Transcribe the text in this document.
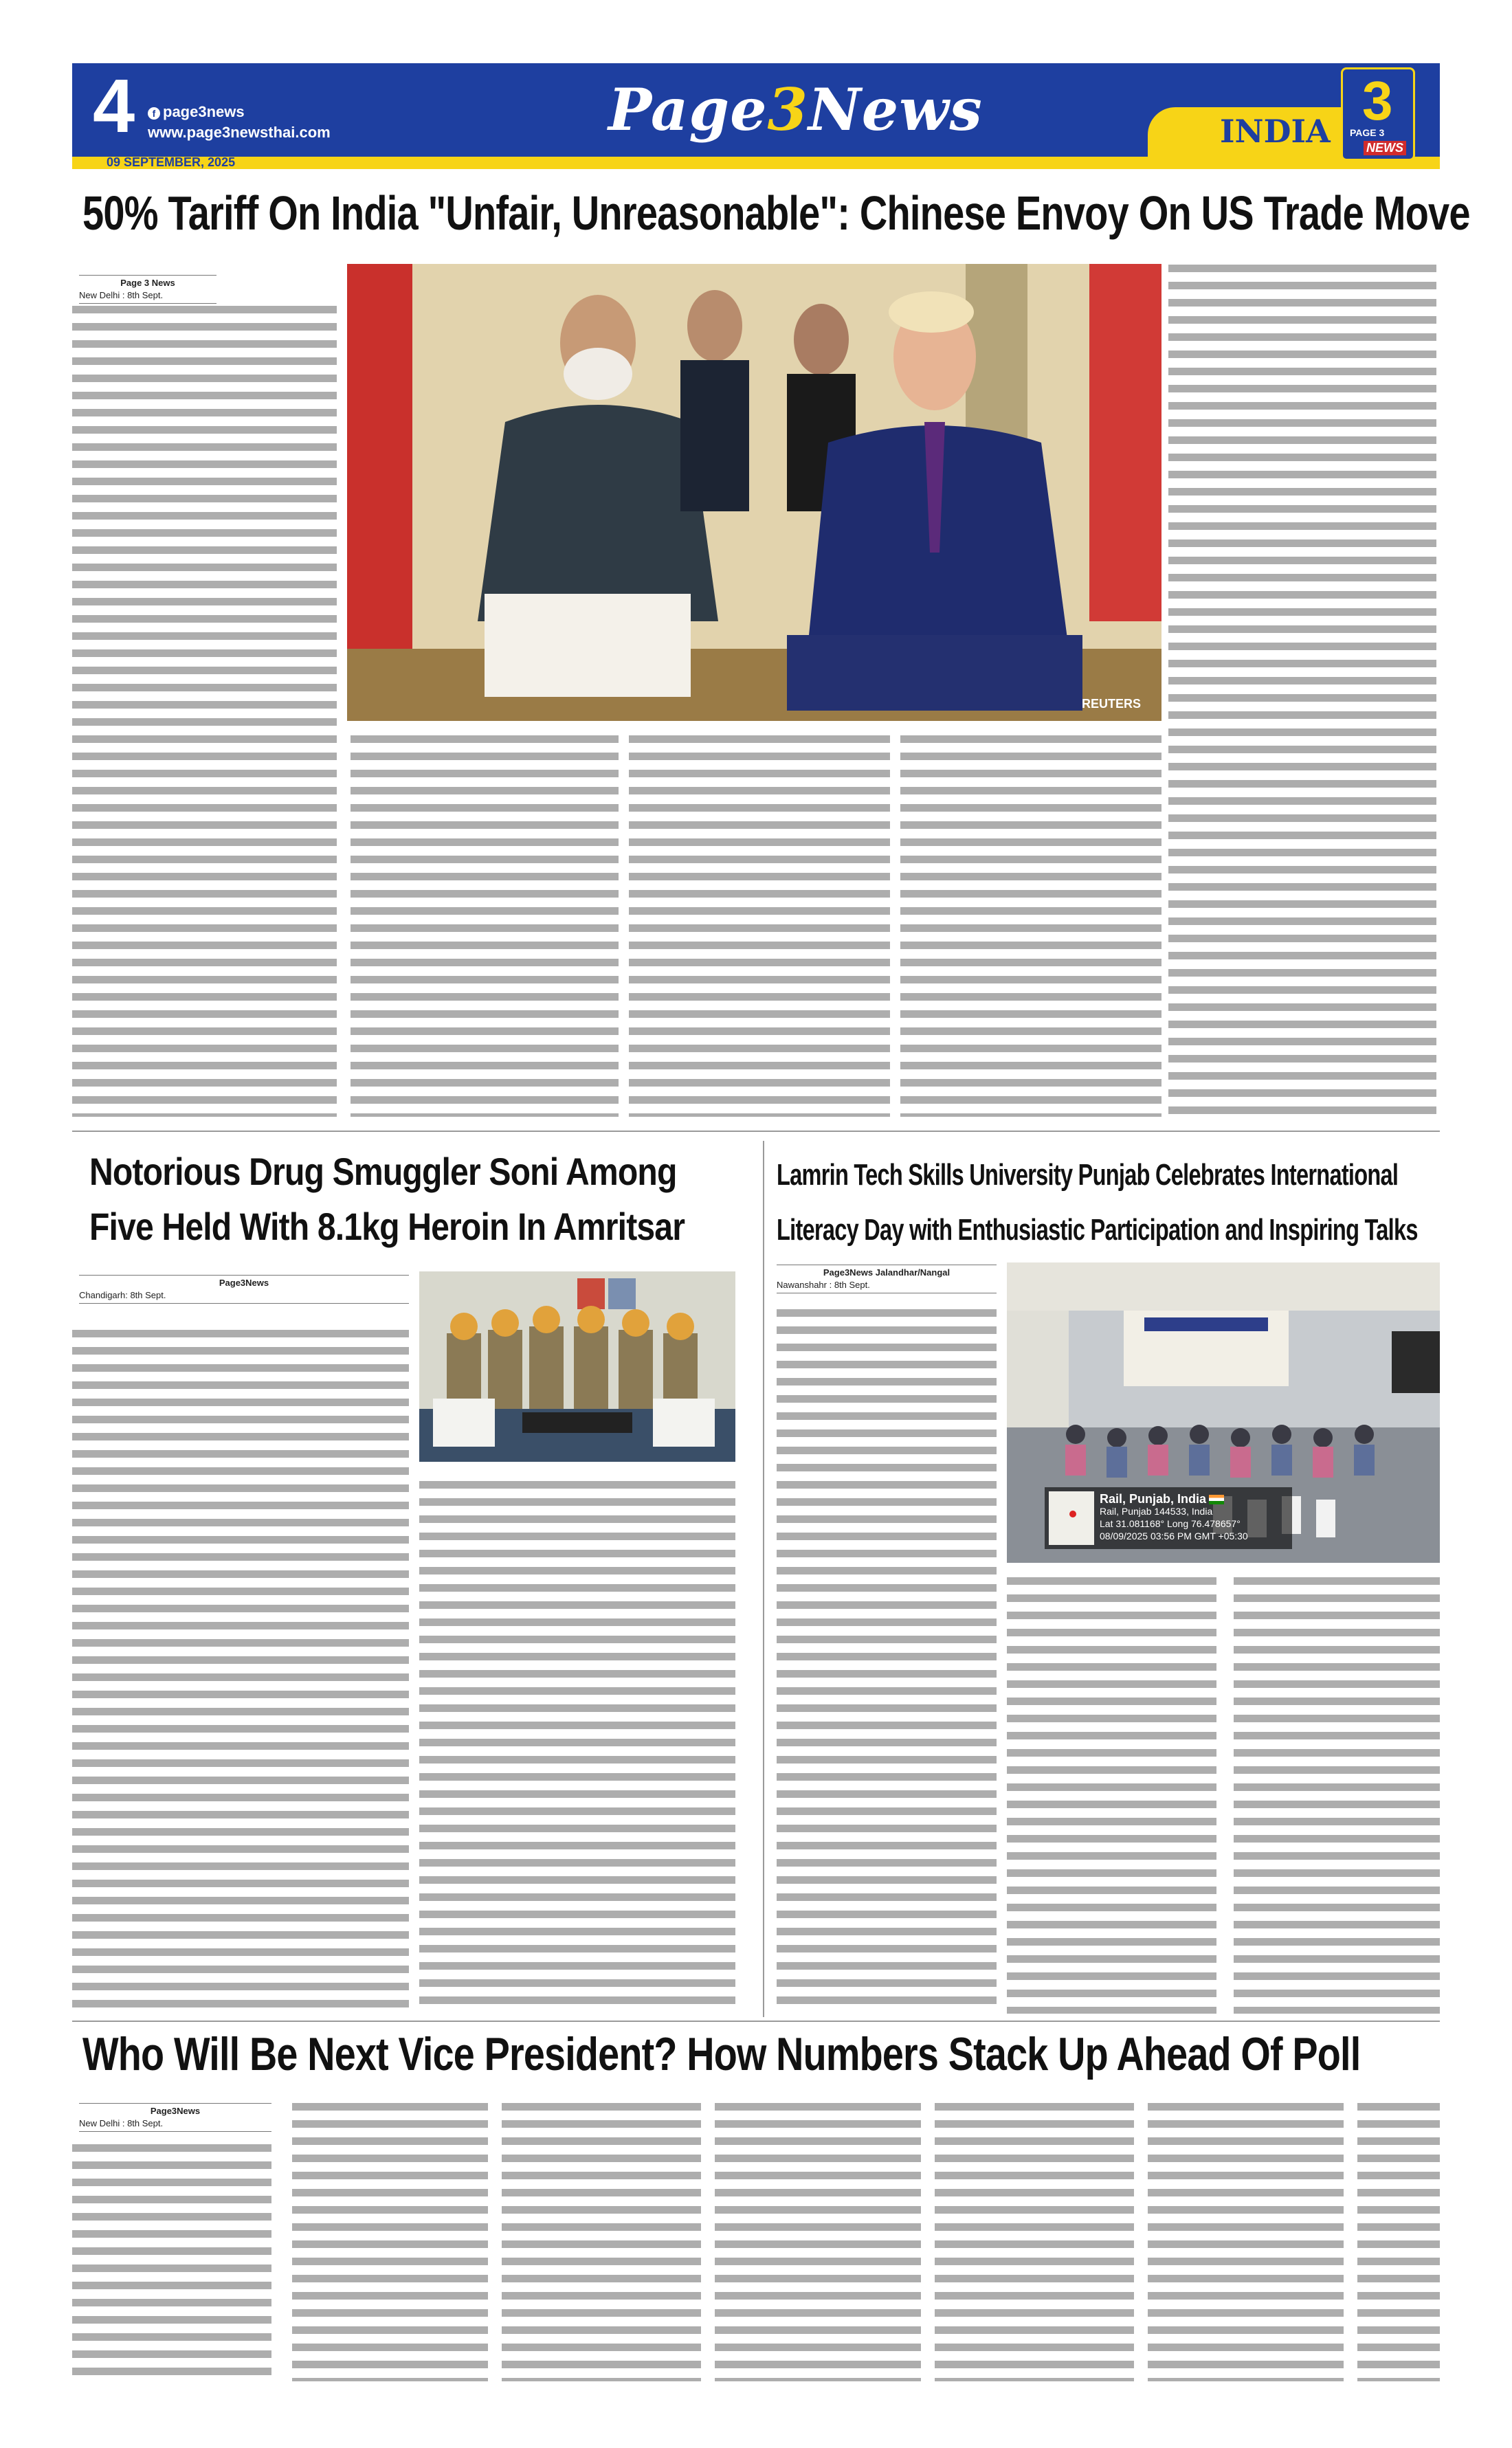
4	f page3news
www.page3newsthai.com
09 SEPTEMBER, 2025
Page3News	INDIA 3
PAGE 3
NEWS
50% Tariff On India "Unfair, Unreasonable": Chinese Envoy On US Trade Move
Page 3 News
New Delhi : 8th Sept.
REUTERS
Notorious Drug Smuggler Soni Among
Five Held With 8.1kg Heroin In Amritsar
Page3News
Chandigarh: 8th Sept.
Lamrin Tech Skills University Punjab Celebrates International
Literacy Day with Enthusiastic Participation and Inspiring Talks
Page3News Jalandhar/Nangal
Nawanshahr : 8th Sept.
Rail, Punjab, India
Rail, Punjab 144533, India
Lat 31.081168° Long 76.478657°
08/09/2025 03:56 PM GMT +05:30
Who Will Be Next Vice President? How Numbers Stack Up Ahead Of Poll
Page3News
New Delhi : 8th Sept.
